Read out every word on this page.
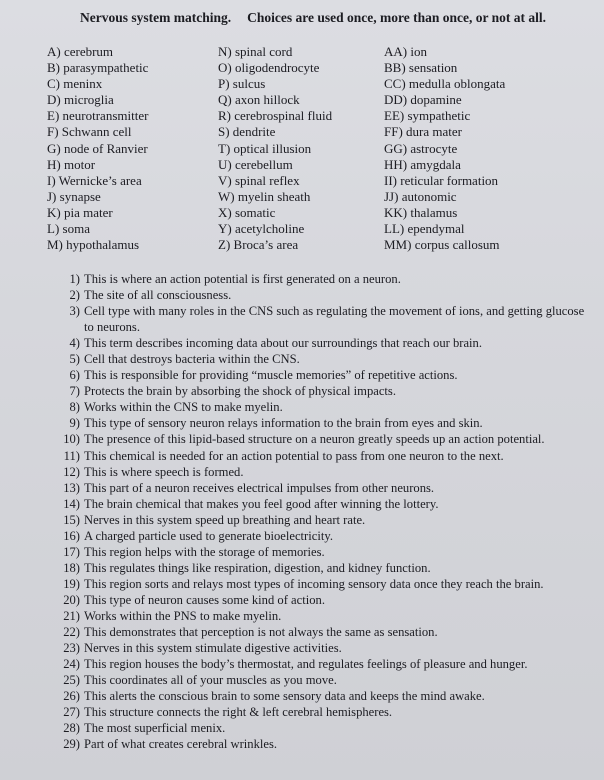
Nervous system matching. Choices are used once, more than once, or not at all.
A) cerebrum
B) parasympathetic
C) meninx
D) microglia
E) neurotransmitter
F) Schwann cell
G) node of Ranvier
H) motor
I) Wernicke’s area
J) synapse
K) pia mater
L) soma
M) hypothalamus
N) spinal cord
O) oligodendrocyte
P) sulcus
Q) axon hillock
R) cerebrospinal fluid
S) dendrite
T) optical illusion
U) cerebellum
V) spinal reflex
W) myelin sheath
X) somatic
Y) acetylcholine
Z) Broca’s area
AA) ion
BB) sensation
CC) medulla oblongata
DD) dopamine
EE) sympathetic
FF) dura mater
GG) astrocyte
HH) amygdala
II) reticular formation
JJ) autonomic
KK) thalamus
LL) ependymal
MM) corpus callosum
1) This is where an action potential is first generated on a neuron.
2) The site of all consciousness.
3) Cell type with many roles in the CNS such as regulating the movement of ions, and getting glucose to neurons.
4) This term describes incoming data about our surroundings that reach our brain.
5) Cell that destroys bacteria within the CNS.
6) This is responsible for providing “muscle memories” of repetitive actions.
7) Protects the brain by absorbing the shock of physical impacts.
8) Works within the CNS to make myelin.
9) This type of sensory neuron relays information to the brain from eyes and skin.
10) The presence of this lipid-based structure on a neuron greatly speeds up an action potential.
11) This chemical is needed for an action potential to pass from one neuron to the next.
12) This is where speech is formed.
13) This part of a neuron receives electrical impulses from other neurons.
14) The brain chemical that makes you feel good after winning the lottery.
15) Nerves in this system speed up breathing and heart rate.
16) A charged particle used to generate bioelectricity.
17) This region helps with the storage of memories.
18) This regulates things like respiration, digestion, and kidney function.
19) This region sorts and relays most types of incoming sensory data once they reach the brain.
20) This type of neuron causes some kind of action.
21) Works within the PNS to make myelin.
22) This demonstrates that perception is not always the same as sensation.
23) Nerves in this system stimulate digestive activities.
24) This region houses the body’s thermostat, and regulates feelings of pleasure and hunger.
25) This coordinates all of your muscles as you move.
26) This alerts the conscious brain to some sensory data and keeps the mind awake.
27) This structure connects the right & left cerebral hemispheres.
28) The most superficial menix.
29) Part of what creates cerebral wrinkles.
